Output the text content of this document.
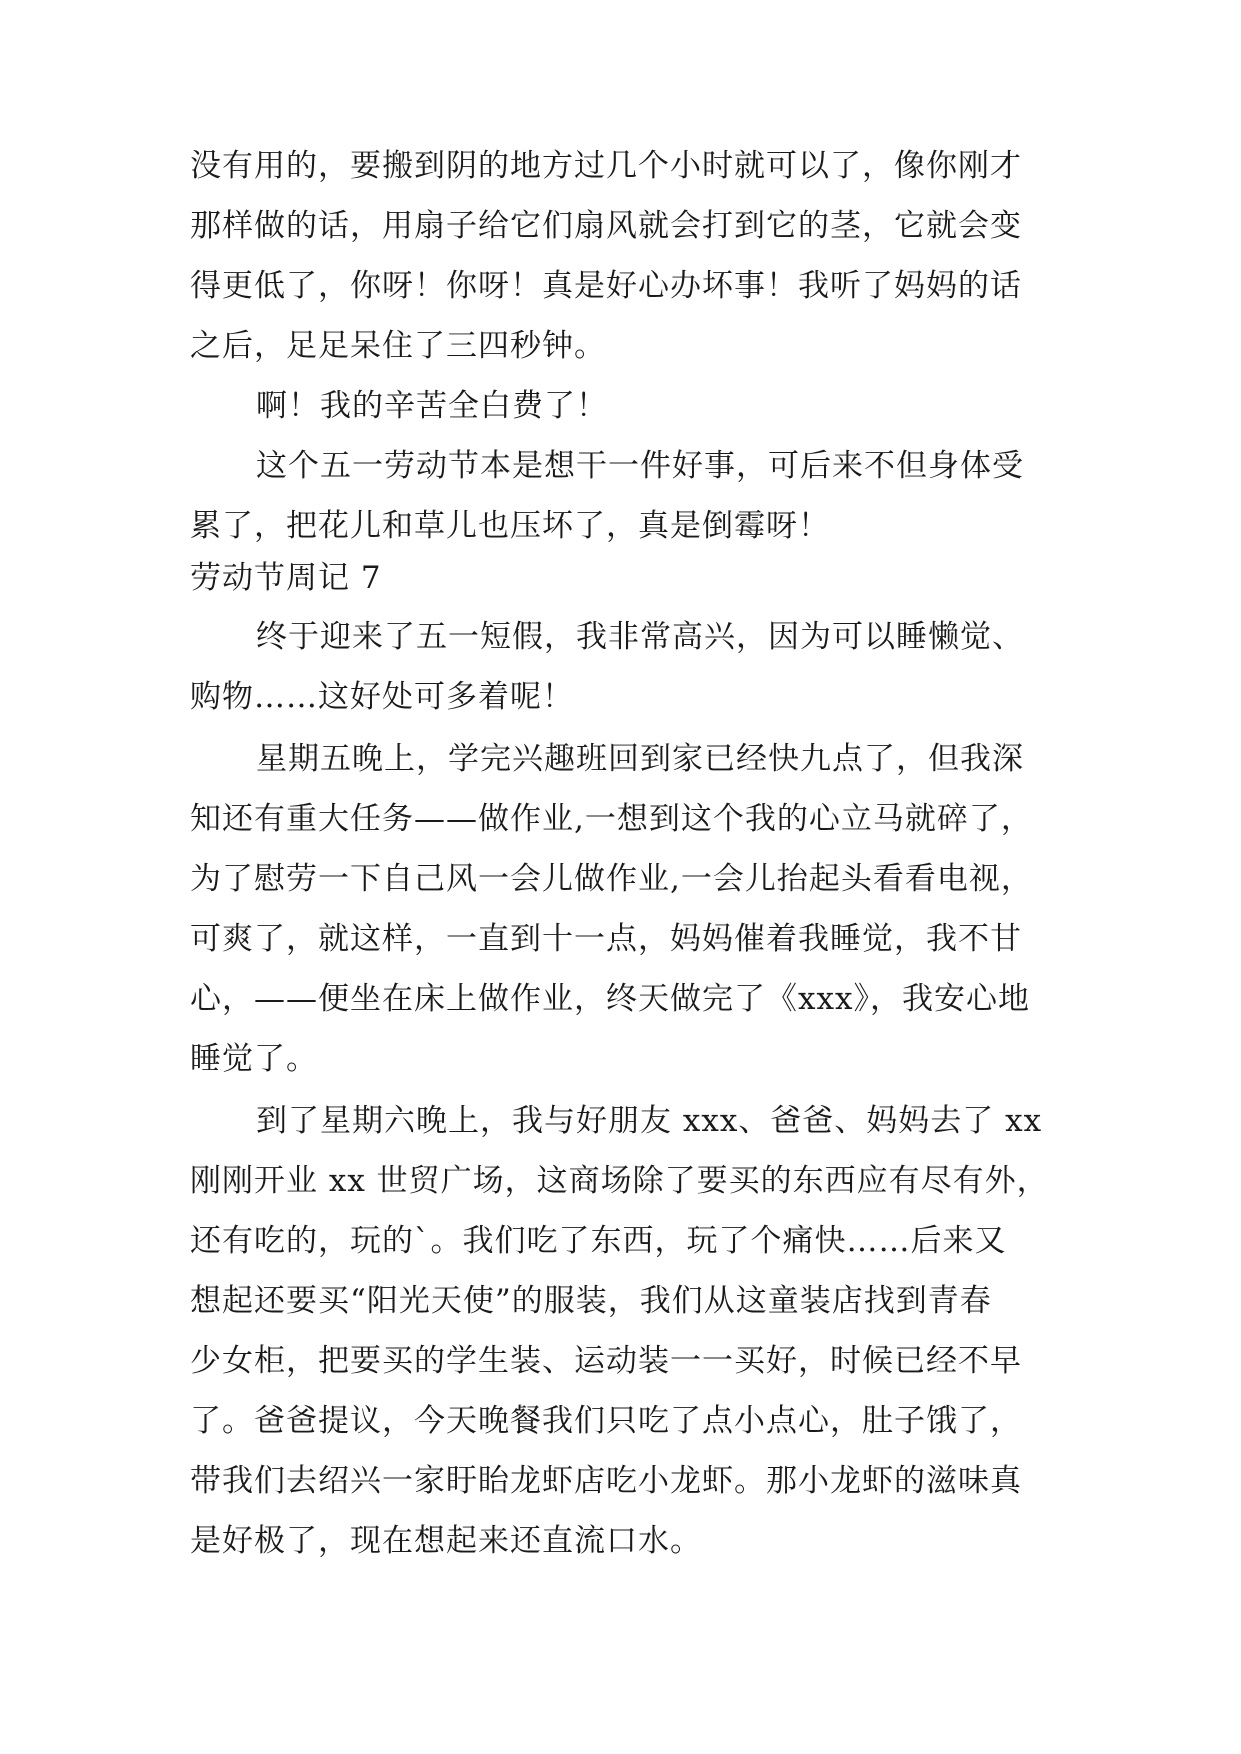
没有用的，要搬到阴的地方过几个小时就可以了，像你刚才
那样做的话，用扇子给它们扇风就会打到它的茎，它就会变
得更低了，你呀！你呀！真是好心办坏事！我听了妈妈的话
之后，足足呆住了三四秒钟。
啊！我的辛苦全白费了！
这个五一劳动节本是想干一件好事，可后来不但身体受
累了，把花儿和草儿也压坏了，真是倒霉呀！
劳动节周记 7
终于迎来了五一短假，我非常高兴，因为可以睡懒觉、
购物……这好处可多着呢！
星期五晚上，学完兴趣班回到家已经快九点了，但我深
知还有重大任务——做作业,一想到这个我的心立马就碎了，
为了慰劳一下自己风一会儿做作业,一会儿抬起头看看电视，
可爽了，就这样，一直到十一点，妈妈催着我睡觉，我不甘
心，——便坐在床上做作业，终天做完了《xxx》，我安心地
睡觉了。
到了星期六晚上，我与好朋友 xxx、爸爸、妈妈去了 xx
刚刚开业 xx 世贸广场，这商场除了要买的东西应有尽有外，
还有吃的，玩的`。我们吃了东西，玩了个痛快……后来又
想起还要买“阳光天使”的服装，我们从这童装店找到青春
少女柜，把要买的学生装、运动装一一买好，时候已经不早
了。爸爸提议，今天晚餐我们只吃了点小点心，肚子饿了，
带我们去绍兴一家盱眙龙虾店吃小龙虾。那小龙虾的滋味真
是好极了，现在想起来还直流口水。
